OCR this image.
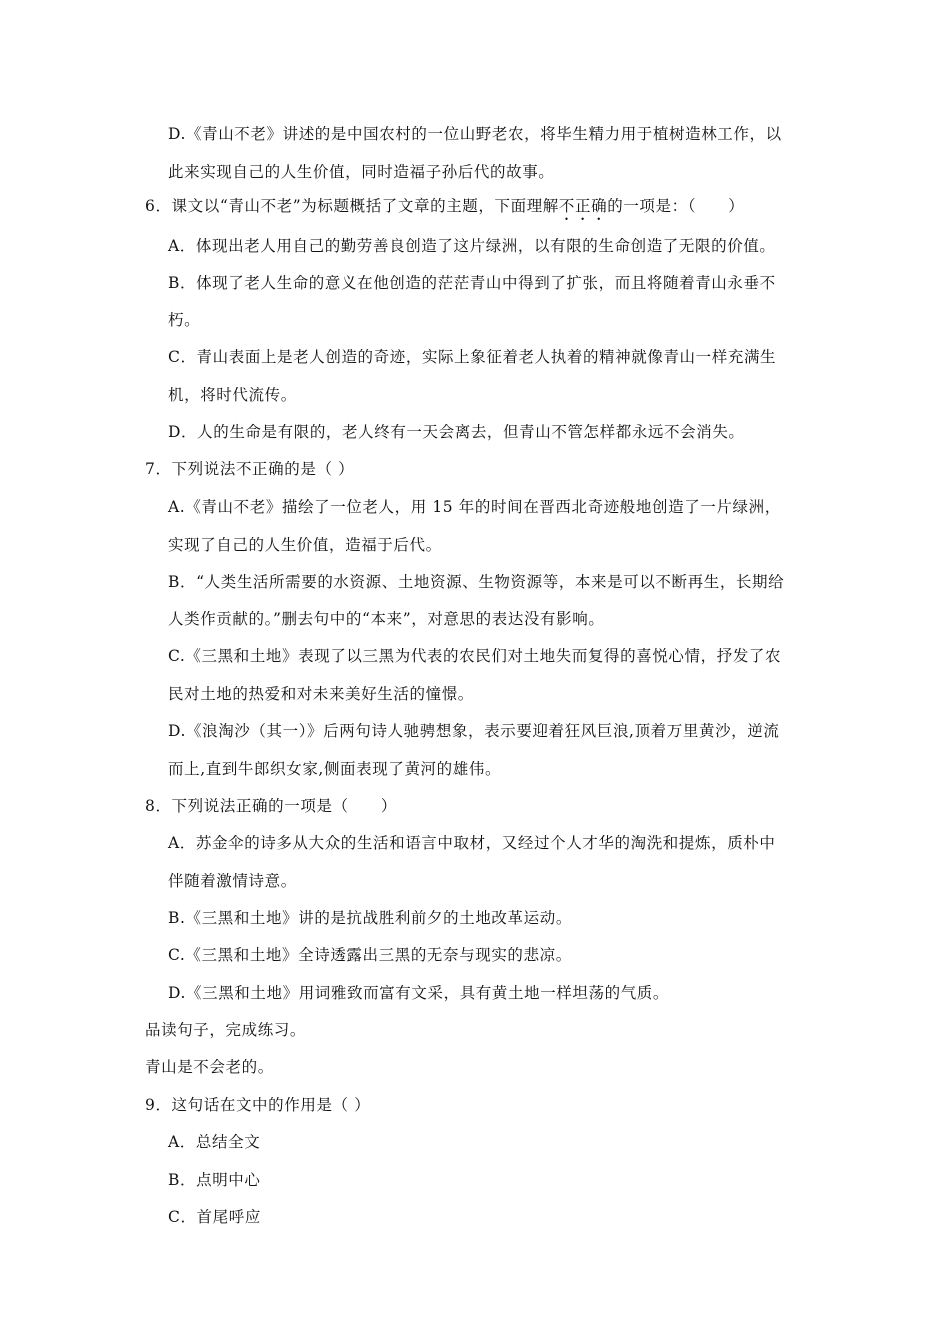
D.《青山不老》讲述的是中国农村的一位山野老农，将毕生精力用于植树造林工作，以
此来实现自己的人生价值，同时造福子孙后代的故事。
6．课文以“青山不老”为标题概括了文章的主题，下面理解不正确的一项是：（　　）
A．体现出老人用自己的勤劳善良创造了这片绿洲，以有限的生命创造了无限的价值。
B．体现了老人生命的意义在他创造的茫茫青山中得到了扩张，而且将随着青山永垂不
朽。
C．青山表面上是老人创造的奇迹，实际上象征着老人执着的精神就像青山一样充满生
机，将时代流传。
D．人的生命是有限的，老人终有一天会离去，但青山不管怎样都永远不会消失。
7．下列说法不正确的是（ ）
A.《青山不老》描绘了一位老人，用 15 年的时间在晋西北奇迹般地创造了一片绿洲，
实现了自己的人生价值，造福于后代。
B．“人类生活所需要的水资源、土地资源、生物资源等，本来是可以不断再生，长期给
人类作贡献的。”删去句中的“本来”，对意思的表达没有影响。
C.《三黑和土地》表现了以三黑为代表的农民们对土地失而复得的喜悦心情，抒发了农
民对土地的热爱和对未来美好生活的憧憬。
D.《浪淘沙（其一）》后两句诗人驰骋想象，表示要迎着狂风巨浪,顶着万里黄沙，逆流
而上,直到牛郎织女家,侧面表现了黄河的雄伟。
8．下列说法正确的一项是（　　）
A．苏金伞的诗多从大众的生活和语言中取材，又经过个人才华的淘洗和提炼，质朴中
伴随着激情诗意。
B.《三黑和土地》讲的是抗战胜利前夕的土地改革运动。
C.《三黑和土地》全诗透露出三黑的无奈与现实的悲凉。
D.《三黑和土地》用词雅致而富有文采，具有黄土地一样坦荡的气质。
品读句子，完成练习。
青山是不会老的。
9．这句话在文中的作用是（ ）
A．总结全文
B．点明中心
C．首尾呼应
